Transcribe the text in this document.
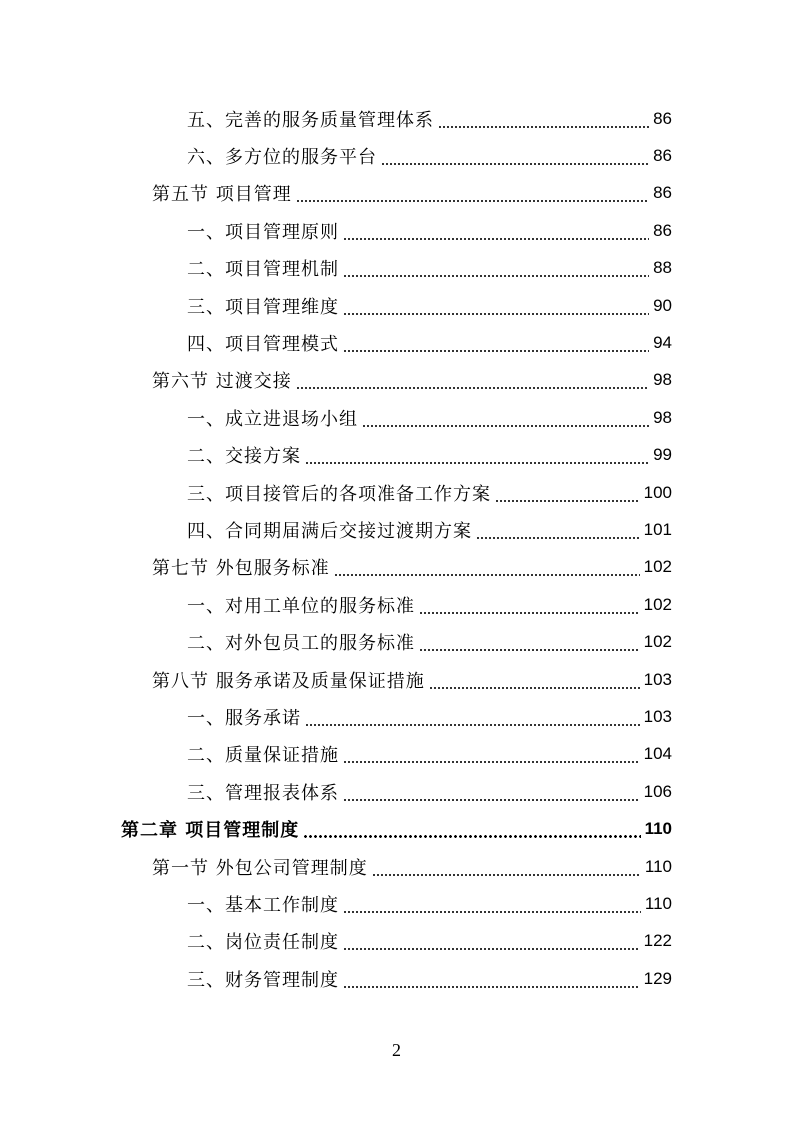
五、完善的服务质量管理体系	86
六、多方位的服务平台	86
第五节 项目管理	86
一、项目管理原则	86
二、项目管理机制	88
三、项目管理维度	90
四、项目管理模式	94
第六节 过渡交接	98
一、成立进退场小组	98
二、交接方案	99
三、项目接管后的各项准备工作方案	100
四、合同期届满后交接过渡期方案	101
第七节 外包服务标准	102
一、对用工单位的服务标准	102
二、对外包员工的服务标准	102
第八节 服务承诺及质量保证措施	103
一、服务承诺	103
二、质量保证措施	104
三、管理报表体系	106
第二章 项目管理制度	110
第一节 外包公司管理制度	110
一、基本工作制度	110
二、岗位责任制度	122
三、财务管理制度	129
2
